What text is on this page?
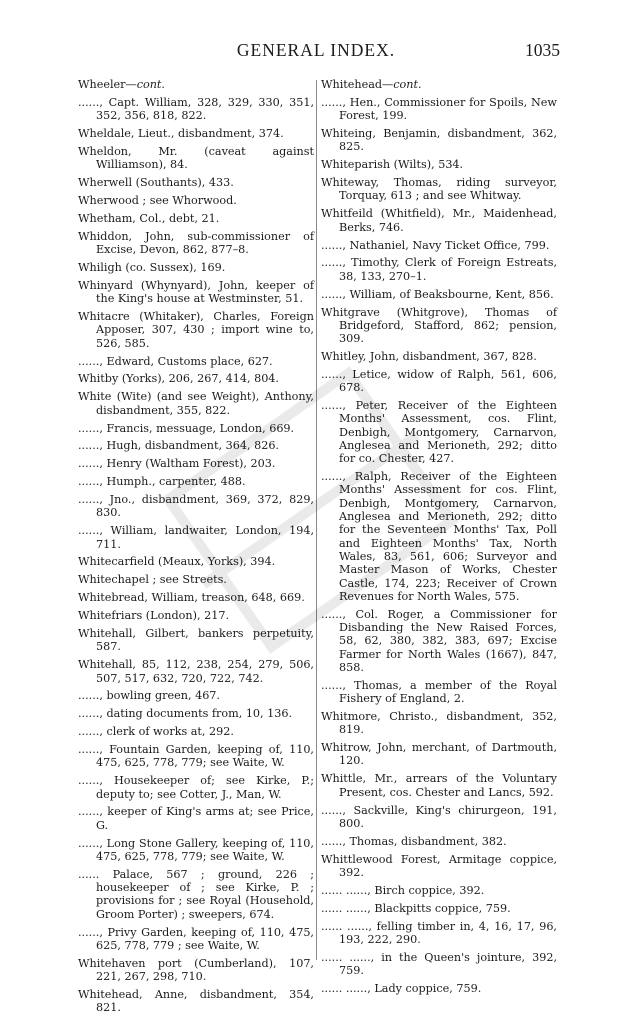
GENERAL INDEX.	1035
Wheeler—cont.
......, Capt. William, 328, 329, 330, 351, 352, 356, 818, 822.
Wheldale, Lieut., disbandment, 374.
Wheldon, Mr. (caveat against Williamson), 84.
Wherwell (Southants), 433.
Wherwood ; see Whorwood.
Whetham, Col., debt, 21.
Whiddon, John, sub-commissioner of Excise, Devon, 862, 877–8.
Whiligh (co. Sussex), 169.
Whinyard (Whynyard), John, keeper of the King's house at Westminster, 51.
Whitacre (Whitaker), Charles, Foreign Apposer, 307, 430 ; import wine to, 526, 585.
......, Edward, Customs place, 627.
Whitby (Yorks), 206, 267, 414, 804.
White (Wite) (and see Weight), Anthony, disbandment, 355, 822.
......, Francis, messuage, London, 669.
......, Hugh, disbandment, 364, 826.
......, Henry (Waltham Forest), 203.
......, Humph., carpenter, 488.
......, Jno., disbandment, 369, 372, 829, 830.
......, William, landwaiter, London, 194, 711.
Whitecarfield (Meaux, Yorks), 394.
Whitechapel ; see Streets.
Whitebread, William, treason, 648, 669.
Whitefriars (London), 217.
Whitehall, Gilbert, bankers perpetuity, 587.
Whitehall, 85, 112, 238, 254, 279, 506, 507, 517, 632, 720, 722, 742.
......, bowling green, 467.
......, dating documents from, 10, 136.
......, clerk of works at, 292.
......, Fountain Garden, keeping of, 110, 475, 625, 778, 779; see Waite, W.
......, Housekeeper of; see Kirke, P.; deputy to; see Cotter, J., Man, W.
......, keeper of King's arms at; see Price, G.
......, Long Stone Gallery, keeping of, 110, 475, 625, 778, 779; see Waite, W.
...... Palace, 567 ; ground, 226 ; housekeeper of ; see Kirke, P. ; provisions for ; see Royal (Household, Groom Porter) ; sweepers, 674.
......, Privy Garden, keeping of, 110, 475, 625, 778, 779 ; see Waite, W.
Whitehaven port (Cumberland), 107, 221, 267, 298, 710.
Whitehead, Anne, disbandment, 354, 821.
Whitehead—cont.
......, Hen., Commissioner for Spoils, New Forest, 199.
Whiteing, Benjamin, disbandment, 362, 825.
Whiteparish (Wilts), 534.
Whiteway, Thomas, riding surveyor, Torquay, 613 ; and see Whitway.
Whitfeild (Whitfield), Mr., Maidenhead, Berks, 746.
......, Nathaniel, Navy Ticket Office, 799.
......, Timothy, Clerk of Foreign Estreats, 38, 133, 270–1.
......, William, of Beaksbourne, Kent, 856.
Whitgrave (Whitgrove), Thomas of Bridgeford, Stafford, 862; pension, 309.
Whitley, John, disbandment, 367, 828.
......, Letice, widow of Ralph, 561, 606, 678.
......, Peter, Receiver of the Eighteen Months' Assessment, cos. Flint, Denbigh, Montgomery, Carnarvon, Anglesea and Merioneth, 292; ditto for co. Chester, 427.
......, Ralph, Receiver of the Eighteen Months' Assessment for cos. Flint, Denbigh, Montgomery, Carnarvon, Anglesea and Merioneth, 292; ditto for the Seventeen Months' Tax, Poll and Eighteen Months' Tax, North Wales, 83, 561, 606; Surveyor and Master Mason of Works, Chester Castle, 174, 223; Receiver of Crown Revenues for North Wales, 575.
......, Col. Roger, a Commissioner for Disbanding the New Raised Forces, 58, 62, 380, 382, 383, 697; Excise Farmer for North Wales (1667), 847, 858.
......, Thomas, a member of the Royal Fishery of England, 2.
Whitmore, Christo., disbandment, 352, 819.
Whitrow, John, merchant, of Dartmouth, 120.
Whittle, Mr., arrears of the Voluntary Present, cos. Chester and Lancs, 592.
......, Sackville, King's chirurgeon, 191, 800.
......, Thomas, disbandment, 382.
Whittlewood Forest, Armitage coppice, 392.
...... ......, Birch coppice, 392.
...... ......, Blackpitts coppice, 759.
...... ......, felling timber in, 4, 16, 17, 96, 193, 222, 290.
...... ......, in the Queen's jointure, 392, 759.
...... ......, Lady coppice, 759.
